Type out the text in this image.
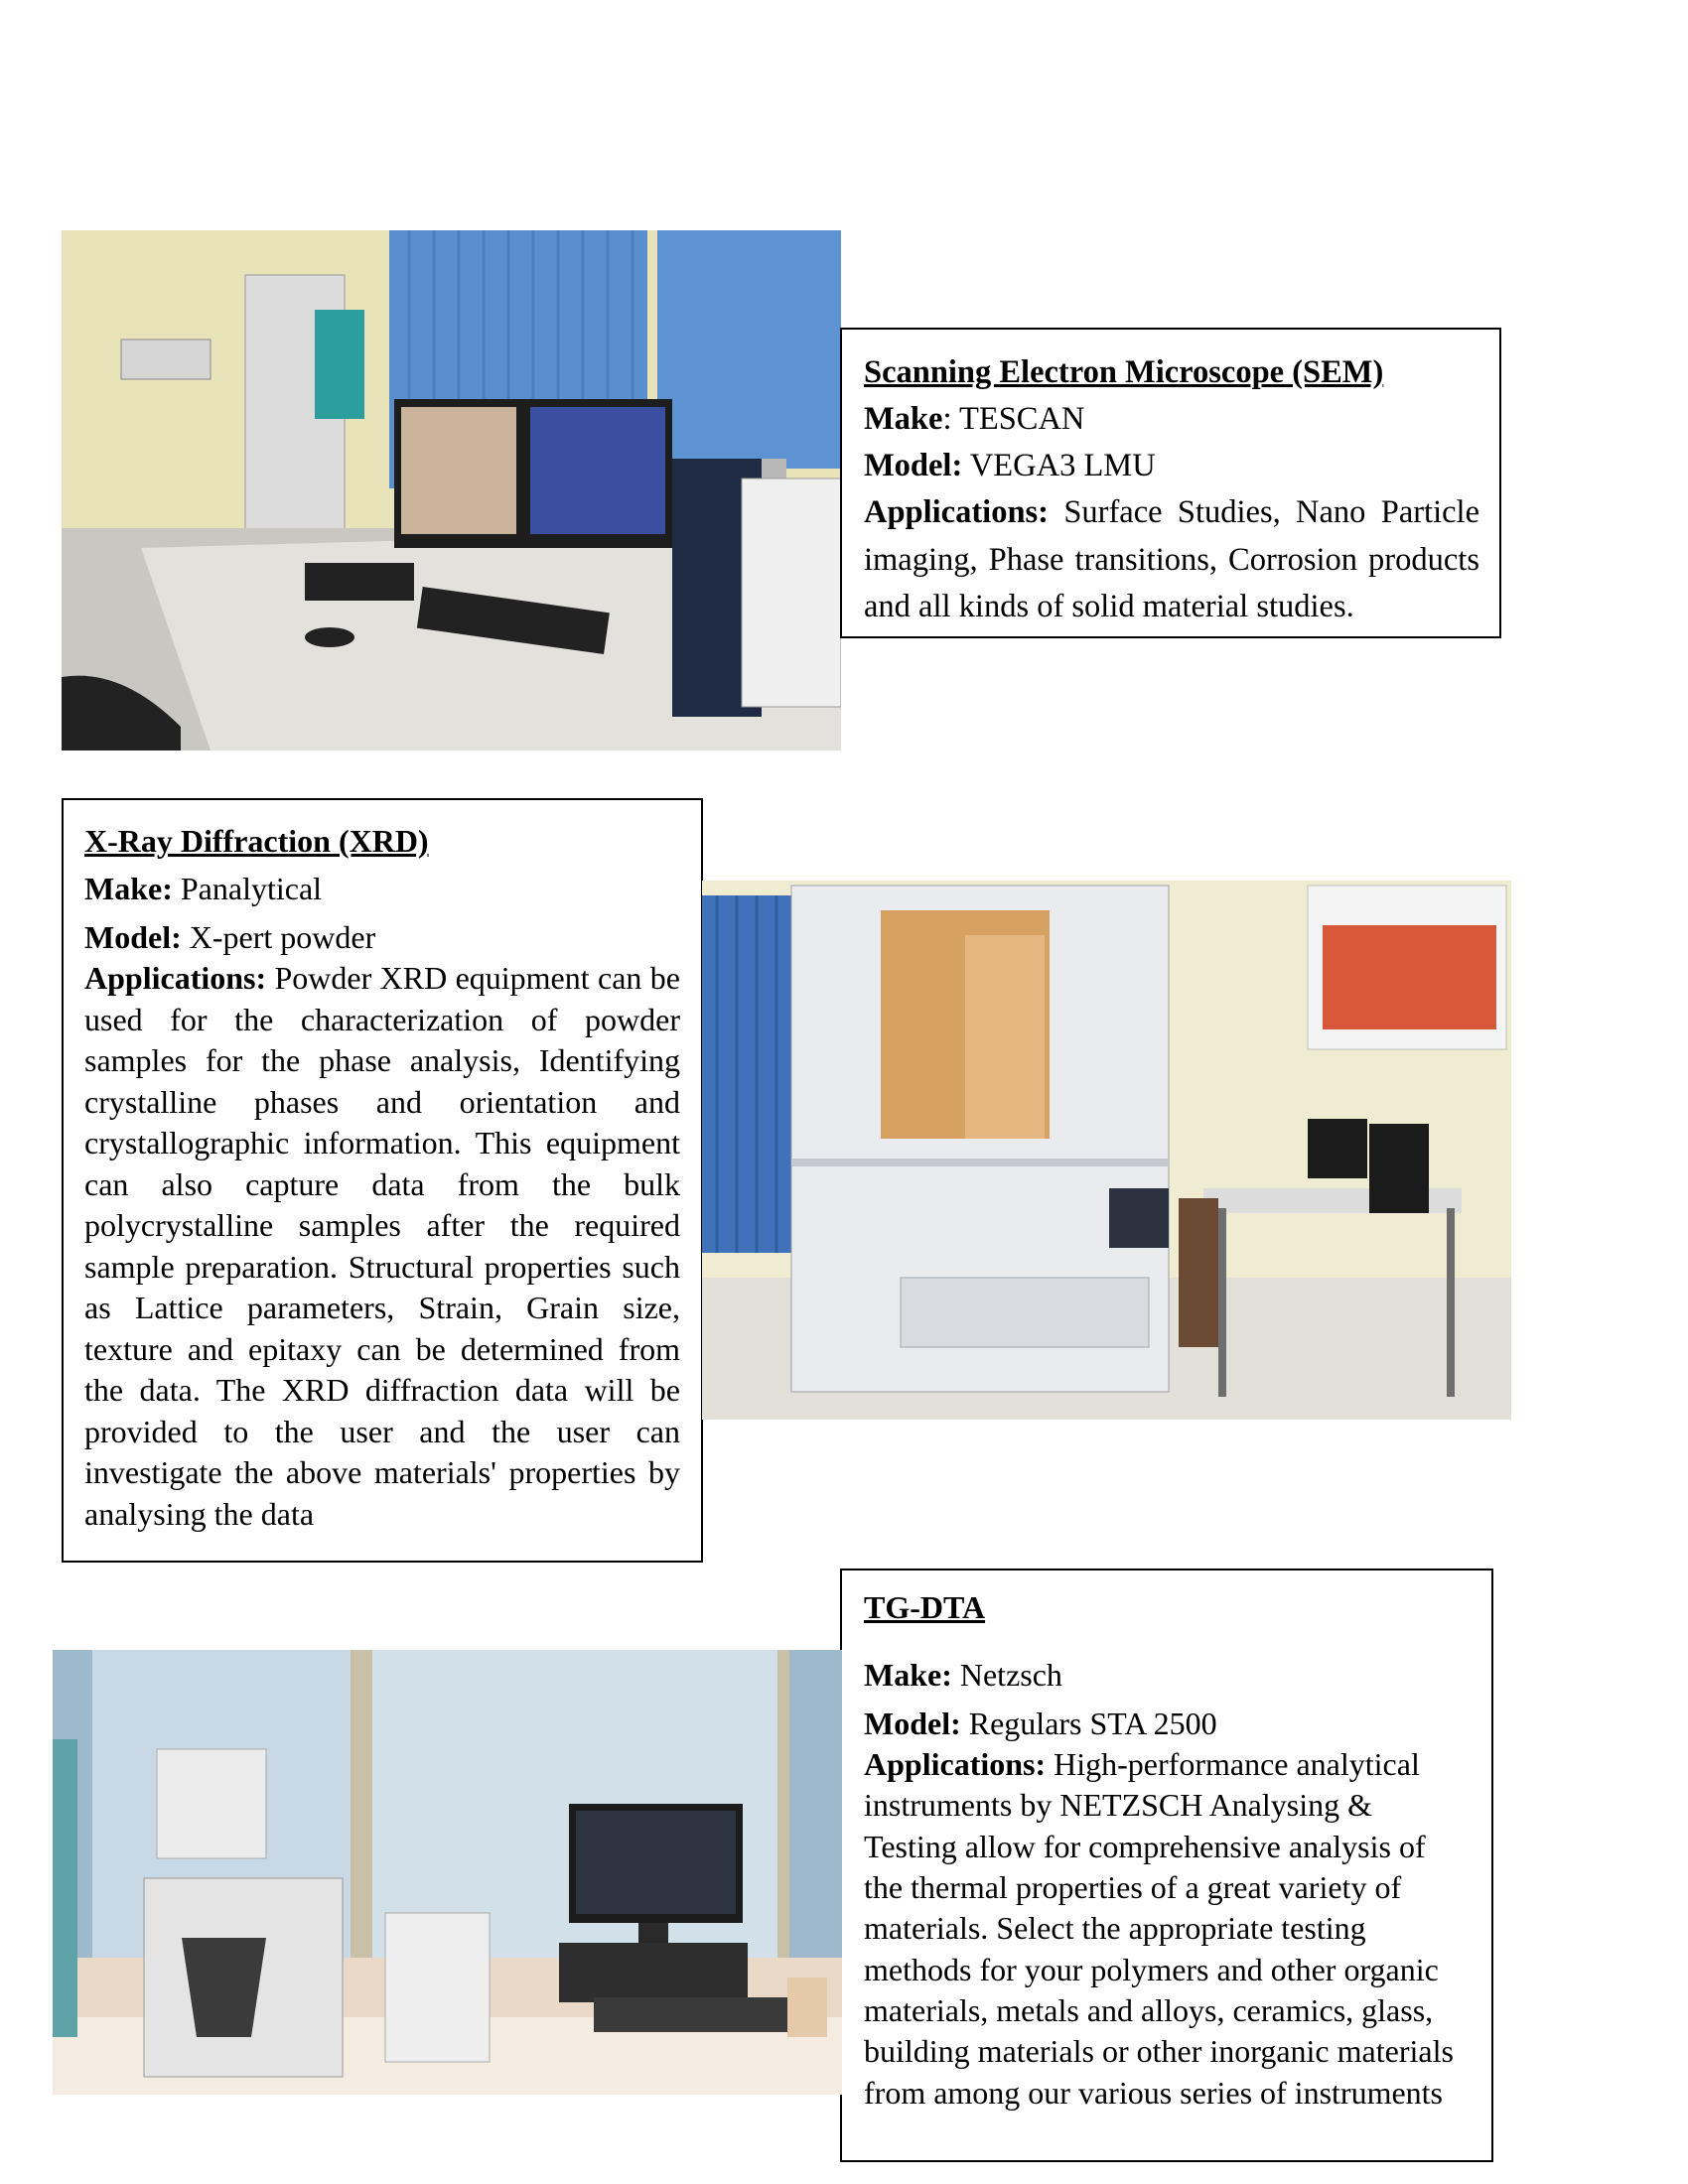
Scanning Electron Microscope (SEM)

Make: TESCAN

Model: VEGA3 LMU

Applications: Surface Studies, Nano Particle imaging, Phase transitions, Corrosion products and all kinds of solid material studies.

X-Ray Diffraction (XRD)

Make: Panalytical

Model: X-pert powder

Applications: Powder XRD equipment can be used for the characterization of powder samples for the phase analysis, Identifying crystalline phases and orientation and crystallographic information. This equipment can also capture data from the bulk polycrystalline samples after the required sample preparation. Structural properties such as Lattice parameters, Strain, Grain size, texture and epitaxy can be determined from the data. The XRD diffraction data will be provided to the user and the user can investigate the above materials' properties by analysing the data

TG-DTA

Make: Netzsch

Model: Regulars STA 2500

Applications: High-performance analytical instruments by NETZSCH Analysing & Testing allow for comprehensive analysis of the thermal properties of a great variety of materials. Select the appropriate testing methods for your polymers and other organic materials, metals and alloys, ceramics, glass, building materials or other inorganic materials from among our various series of instruments
